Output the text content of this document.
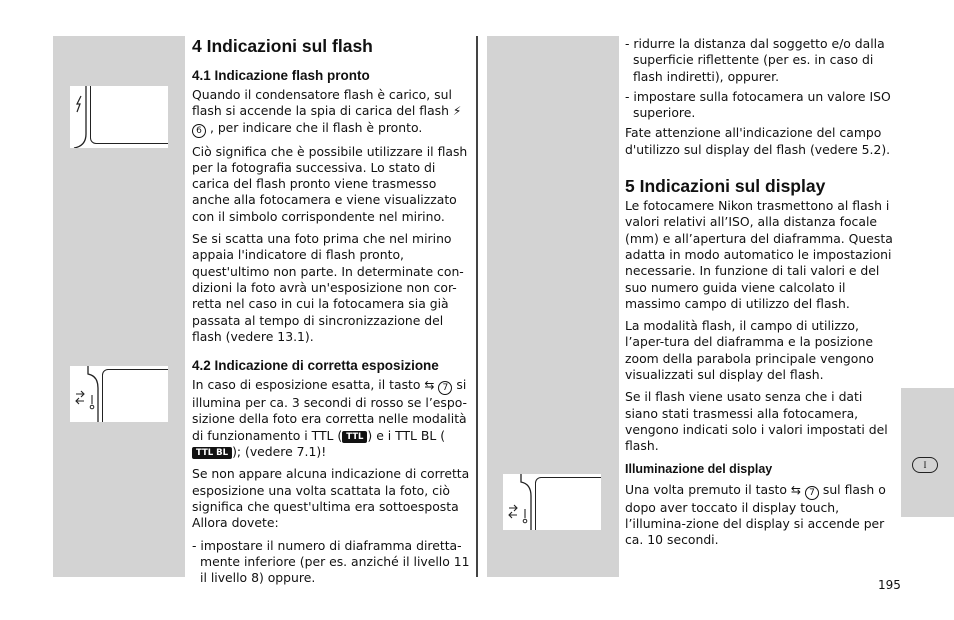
I
4 Indicazioni sul flash
4.1 Indicazione flash pronto

Quando il condensatore flash è carico, sul flash si accende la spia di carica del flash ⚡ 6 , per indicare che il flash è pronto.

Ciò significa che è possibile utilizzare il flash per la fotografia successiva. Lo stato di carica del flash pronto viene trasmesso anche alla fotocamera e viene visualizzato con il simbolo corrispondente nel mirino.

Se si scatta una foto prima che nel mirino appaia l'indicatore di flash pronto, quest'ultimo non parte. In determinate con-dizioni la foto avrà un'esposizione non cor-retta nel caso in cui la fotocamera sia già passata al tempo di sincronizzazione del flash (vedere 13.1).

4.2 Indicazione di corretta esposizione

In caso di esposizione esatta, il tasto ⇆ 7 si illumina per ca. 3 secondi di rosso se l’espo-sizione della foto era corretta nelle modalità di funzionamento i TTL ( TTL ) e i TTL BL (TTL BL ); (vedere 7.1)!

Se non appare alcuna indicazione di corretta esposizione una volta scattata la foto, ciò significa che quest'ultima era sottoesposta Allora dovete:

- impostare il numero di diaframma diretta-mente inferiore (per es. anziché il livello 11 il livello 8) oppure.

- ridurre la distanza dal soggetto e/o dalla superficie riflettente (per es. in caso di flash indiretti), oppurer.

- impostare sulla fotocamera un valore ISO superiore.

Fate attenzione all'indicazione del campo d'utilizzo sul display del flash (vedere 5.2).

5 Indicazioni sul display

Le fotocamere Nikon trasmettono al flash i valori relativi all’ISO, alla distanza focale (mm) e all’apertura del diaframma. Questa adatta in modo automatico le impostazioni necessarie. In funzione di tali valori e del suo numero guida viene calcolato il massimo campo di utilizzo del flash.

La modalità flash, il campo di utilizzo, l’aper-tura del diaframma e la posizione zoom della parabola principale vengono visualizzati sul display del flash.

Se il flash viene usato senza che i dati siano stati trasmessi alla fotocamera, vengono indicati solo i valori impostati del flash.

Illuminazione del display

Una volta premuto il tasto ⇆ 7 sul flash o dopo aver toccato il display touch, l’illumina-zione del display si accende per ca. 10 secondi.

195
